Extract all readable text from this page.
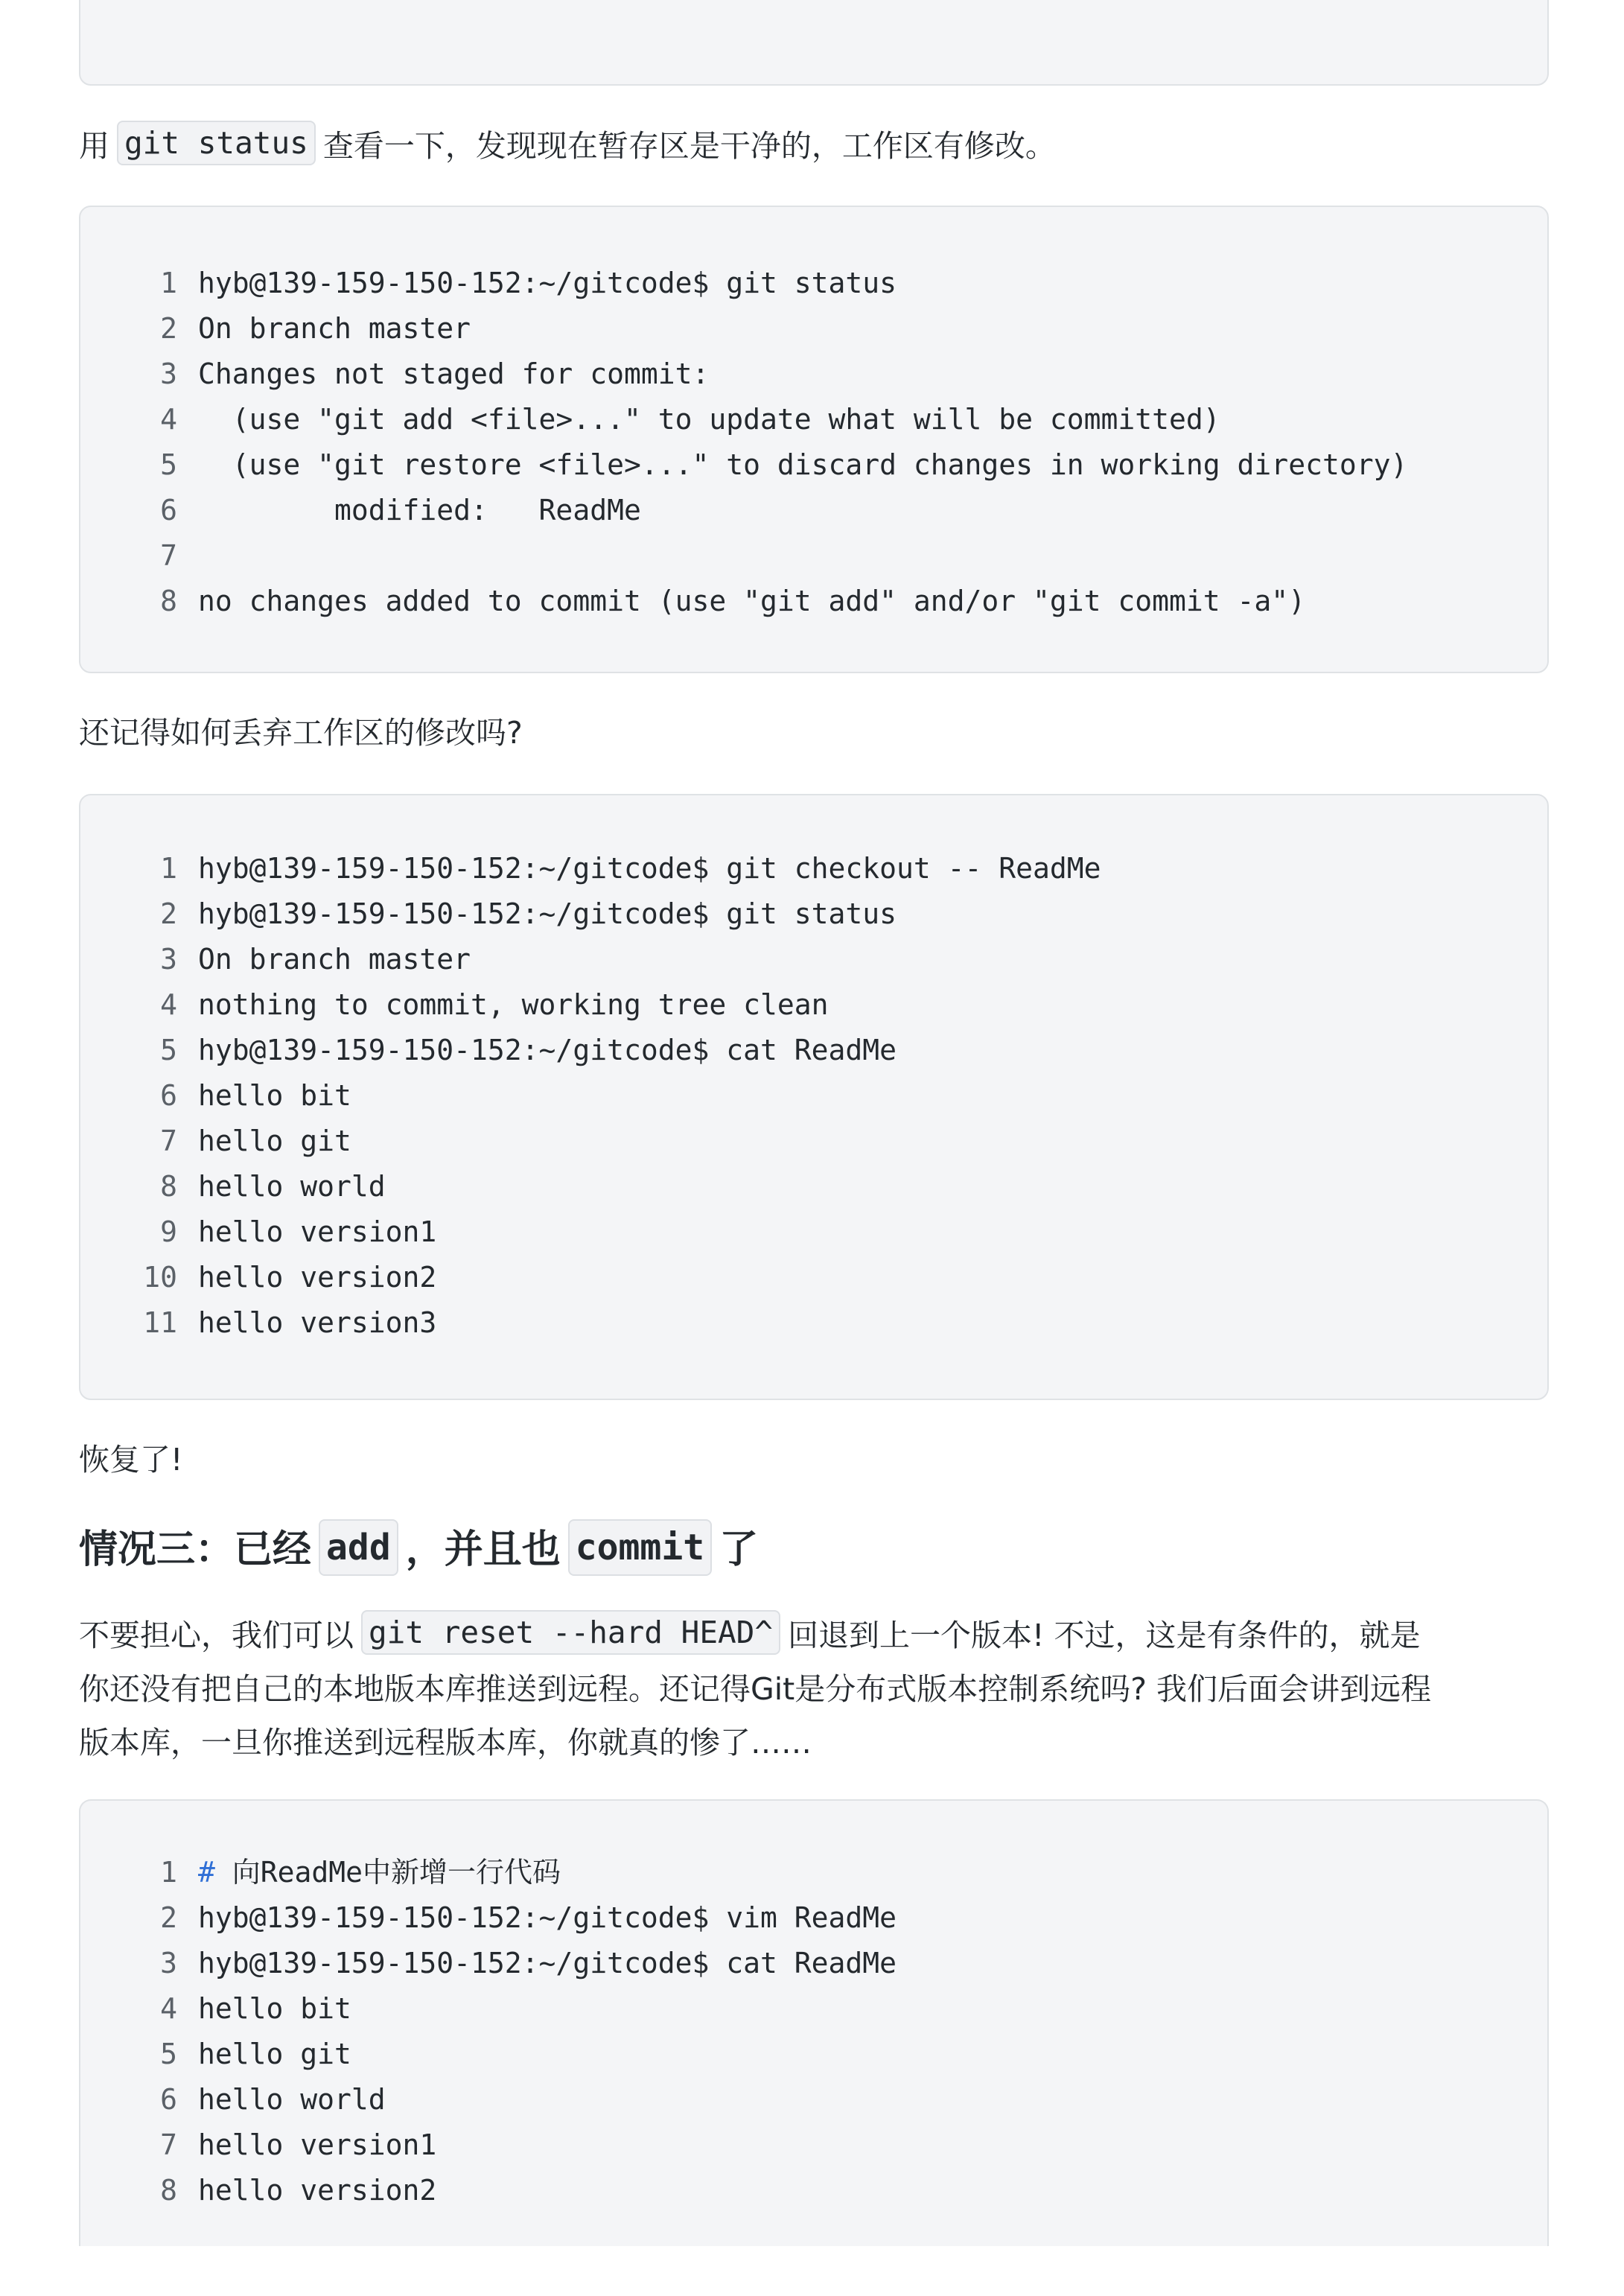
用 git status 查看一下，发现现在暂存区是干净的，工作区有修改。
1 hyb@139-159-150-152:~/gitcode$ git status
2 On branch master
3 Changes not staged for commit:
4 (use "git add <file>..." to update what will be committed)
5 (use "git restore <file>..." to discard changes in working directory)
6 modified:   ReadMe
7
8 no changes added to commit (use "git add" and/or "git commit -a")
还记得如何丢弃工作区的修改吗?
1 hyb@139-159-150-152:~/gitcode$ git checkout -- ReadMe
2 hyb@139-159-150-152:~/gitcode$ git status
3 On branch master
4 nothing to commit, working tree clean
5 hyb@139-159-150-152:~/gitcode$ cat ReadMe
6 hello bit
7 hello git
8 hello world
9 hello version1
10 hello version2
11 hello version3
恢复了!
情况三：已经 add ，并且也 commit 了
不要担心，我们可以 git reset --hard HEAD^ 回退到上一个版本! 不过，这是有条件的，就是
你还没有把自己的本地版本库推送到远程。还记得Git是分布式版本控制系统吗? 我们后面会讲到远程
版本库，一旦你推送到远程版本库，你就真的惨了……
1 # 向ReadMe中新增一行代码
2 hyb@139-159-150-152:~/gitcode$ vim ReadMe
3 hyb@139-159-150-152:~/gitcode$ cat ReadMe
4 hello bit
5 hello git
6 hello world
7 hello version1
8 hello version2
